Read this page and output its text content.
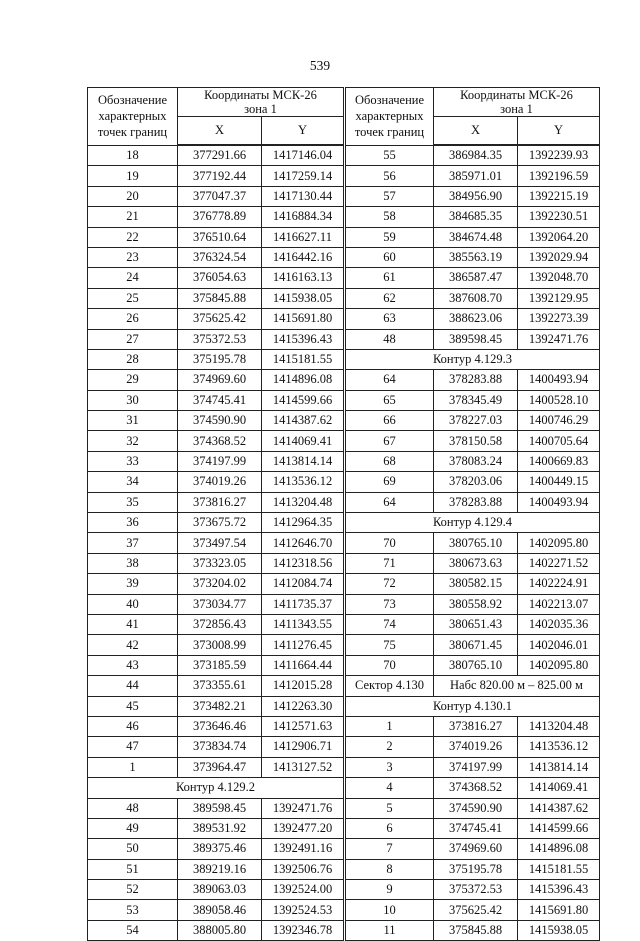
539
Обозначение
характерных
точек границ	Координаты МСК-26
зона 1	
	X	Y
18	377291.66	1417146.04
19	377192.44	1417259.14
20	377047.37	1417130.44
21	376778.89	1416884.34
22	376510.64	1416627.11
23	376324.54	1416442.16
24	376054.63	1416163.13
25	375845.88	1415938.05
26	375625.42	1415691.80
27	375372.53	1415396.43
28	375195.78	1415181.55
29	374969.60	1414896.08
30	374745.41	1414599.66
31	374590.90	1414387.62
32	374368.52	1414069.41
33	374197.99	1413814.14
34	374019.26	1413536.12
35	373816.27	1413204.48
36	373675.72	1412964.35
37	373497.54	1412646.70
38	373323.05	1412318.56
39	373204.02	1412084.74
40	373034.77	1411735.37
41	372856.43	1411343.55
42	373008.99	1411276.45
43	373185.59	1411664.44
44	373355.61	1412015.28
45	373482.21	1412263.30
46	373646.46	1412571.63
47	373834.74	1412906.71
1	373964.47	1413127.52
Контур 4.129.2		
48	389598.45	1392471.76
49	389531.92	1392477.20
50	389375.46	1392491.16
51	389219.16	1392506.76
52	389063.03	1392524.00
53	389058.46	1392524.53
54	388005.80	1392346.78
Обозначение
характерных
точек границ	Координаты МСК-26
зона 1	
	X	Y
55	386984.35	1392239.93
56	385971.01	1392196.59
57	384956.90	1392215.19
58	384685.35	1392230.51
59	384674.48	1392064.20
60	385563.19	1392029.94
61	386587.47	1392048.70
62	387608.70	1392129.95
63	388623.06	1392273.39
48	389598.45	1392471.76
Контур 4.129.3		
64	378283.88	1400493.94
65	378345.49	1400528.10
66	378227.03	1400746.29
67	378150.58	1400705.64
68	378083.24	1400669.83
69	378203.06	1400449.15
64	378283.88	1400493.94
Контур 4.129.4		
70	380765.10	1402095.80
71	380673.63	1402271.52
72	380582.15	1402224.91
73	380558.92	1402213.07
74	380651.43	1402035.36
75	380671.45	1402046.01
70	380765.10	1402095.80
Сектор 4.130	Набс 820.00 м – 825.00 м	
Контур 4.130.1		
1	373816.27	1413204.48
2	374019.26	1413536.12
3	374197.99	1413814.14
4	374368.52	1414069.41
5	374590.90	1414387.62
6	374745.41	1414599.66
7	374969.60	1414896.08
8	375195.78	1415181.55
9	375372.53	1415396.43
10	375625.42	1415691.80
11	375845.88	1415938.05
